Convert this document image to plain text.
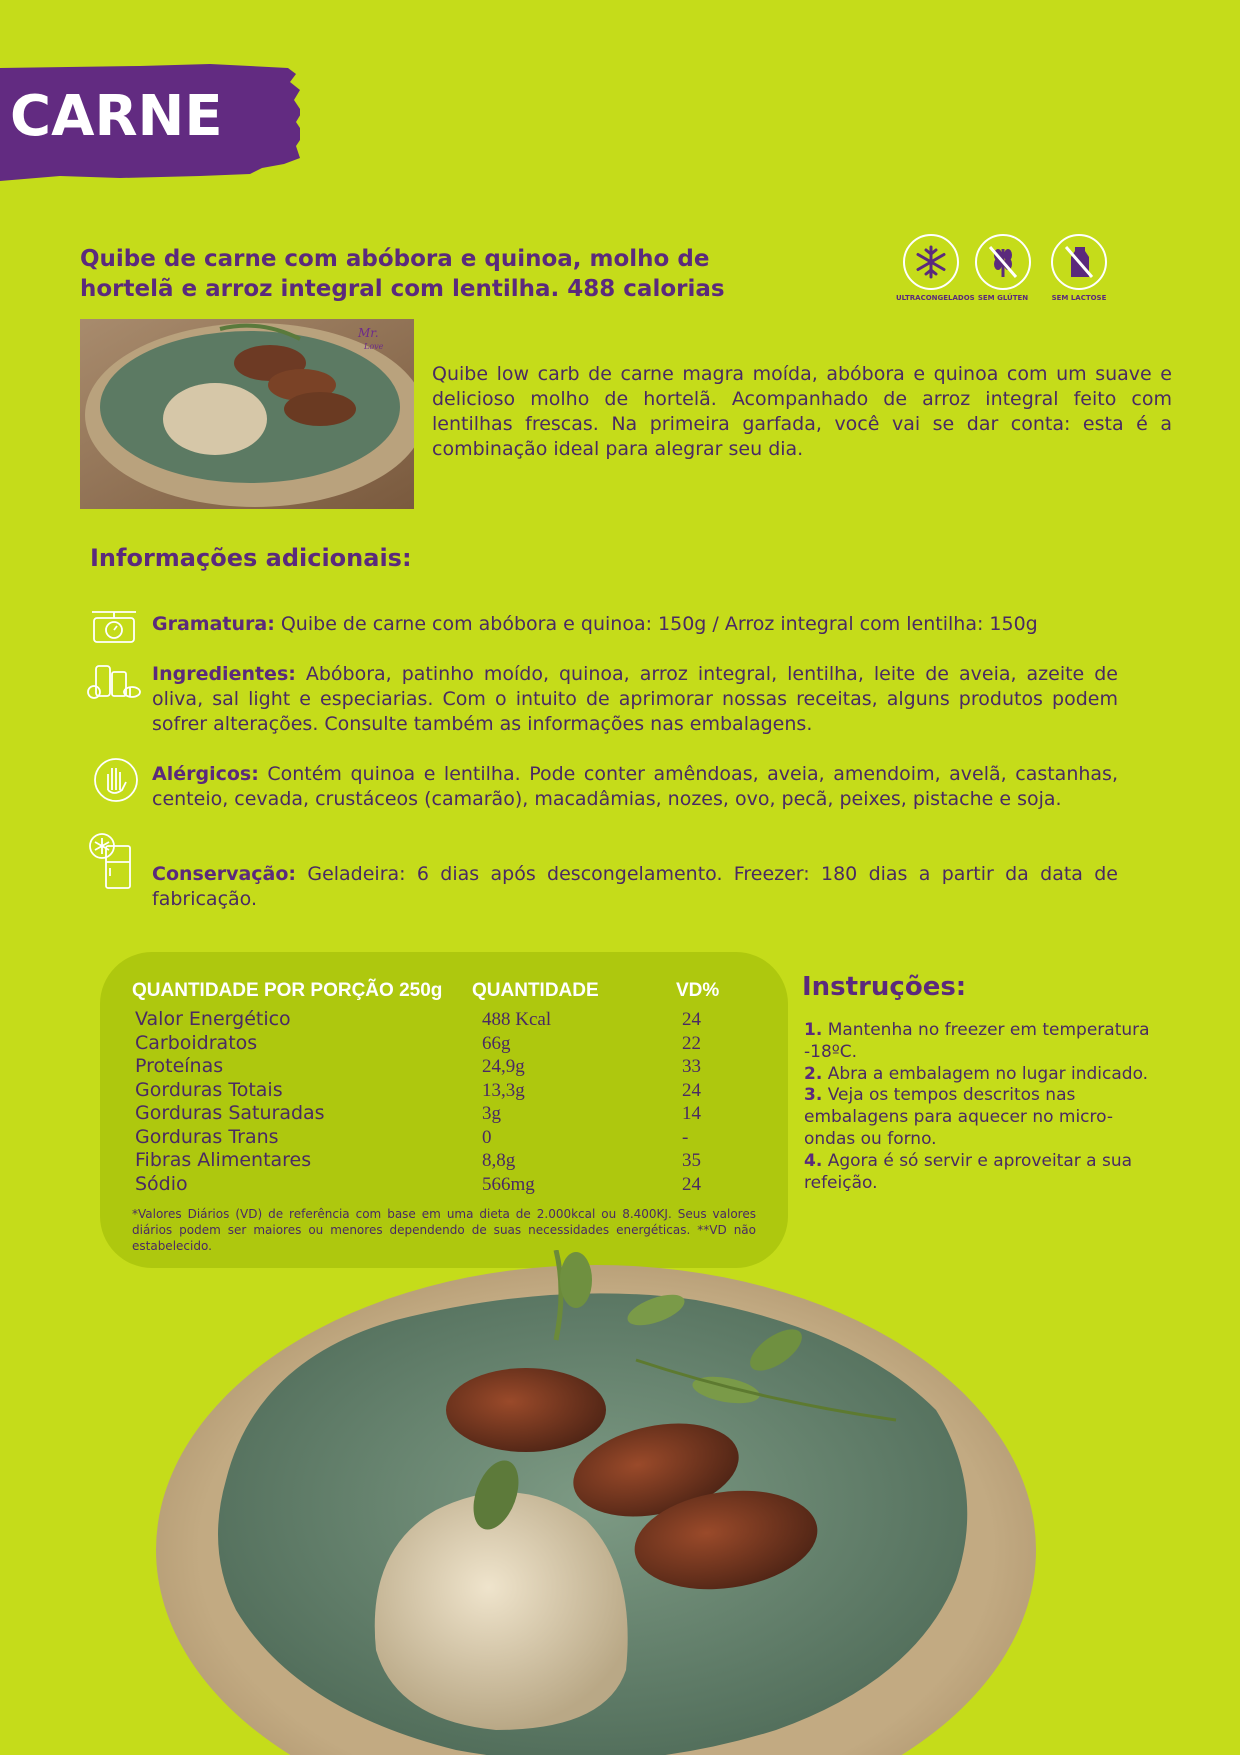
CARNE
Quibe de carne com abóbora e quinoa, molho de
hortelã e arroz integral com lentilha. 488 calorias	ULTRACONGELADOS SEM GLÚTEN	SEM LACTOSE
Mr.
Love
Quibe low carb de carne magra moída, abóbora e quinoa com um suave e delicioso molho de hortelã. Acompanhado de arroz integral feito com lentilhas frescas. Na primeira garfada, você vai se dar conta: esta é a combinação ideal para alegrar seu dia.
Informações adicionais:
Gramatura: Quibe de carne com abóbora e quinoa: 150g / Arroz integral com lentilha: 150g
Ingredientes: Abóbora, patinho moído, quinoa, arroz integral, lentilha, leite de aveia, azeite de oliva, sal light e especiarias. Com o intuito de aprimorar nossas receitas, alguns produtos podem sofrer alterações. Consulte também as informações nas embalagens.
Alérgicos: Contém quinoa e lentilha. Pode conter amêndoas, aveia, amendoim, avelã, castanhas, centeio, cevada, crustáceos (camarão), macadâmias, nozes, ovo, pecã, peixes, pistache e soja.
Conservação: Geladeira: 6 dias após descongelamento. Freezer: 180 dias a partir da data de fabricação.
QUANTIDADE POR PORÇÃO 250g	QUANTIDADE	VD%
Valor Energético	488 Kcal	24
Carboidratos	66g	22
Proteínas	24,9g	33
Gorduras Totais	13,3g	24
Gorduras Saturadas	3g	14
Gorduras Trans	0	-
Fibras Alimentares	8,8g	35
Sódio	566mg	24
*Valores Diários (VD) de referência com base em uma dieta de 2.000kcal ou 8.400KJ. Seus valores diários podem ser maiores ou menores dependendo de suas necessidades energéticas. **VD não estabelecido.
Instruções:
1. Mantenha no freezer em temperatura -18ºC.
2. Abra a embalagem no lugar indicado.
3. Veja os tempos descritos nas embalagens para aquecer no micro-ondas ou forno.
4. Agora é só servir e aproveitar a sua refeição.
